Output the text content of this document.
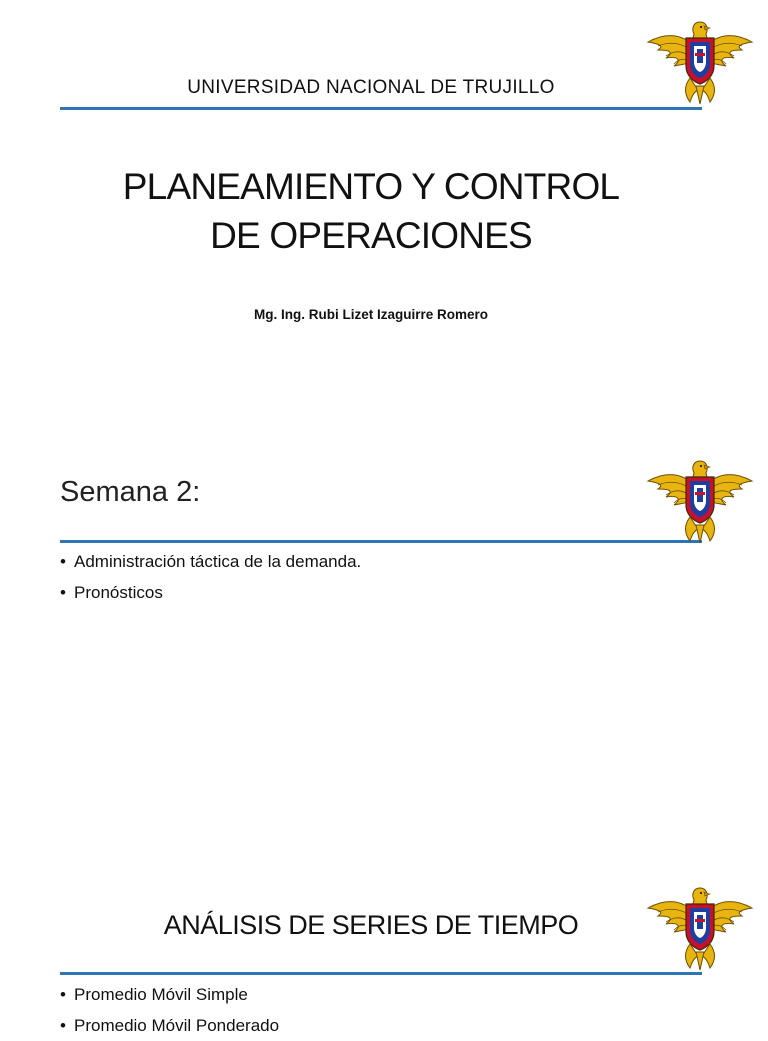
UNIVERSIDAD NACIONAL DE TRUJILLO
PLANEAMIENTO Y CONTROL
DE OPERACIONES
Mg. Ing. Rubi Lizet Izaguirre Romero
Semana 2:
• Administración táctica de la demanda.
• Pronósticos
ANÁLISIS DE SERIES DE TIEMPO
• Promedio Móvil Simple
• Promedio Móvil Ponderado
